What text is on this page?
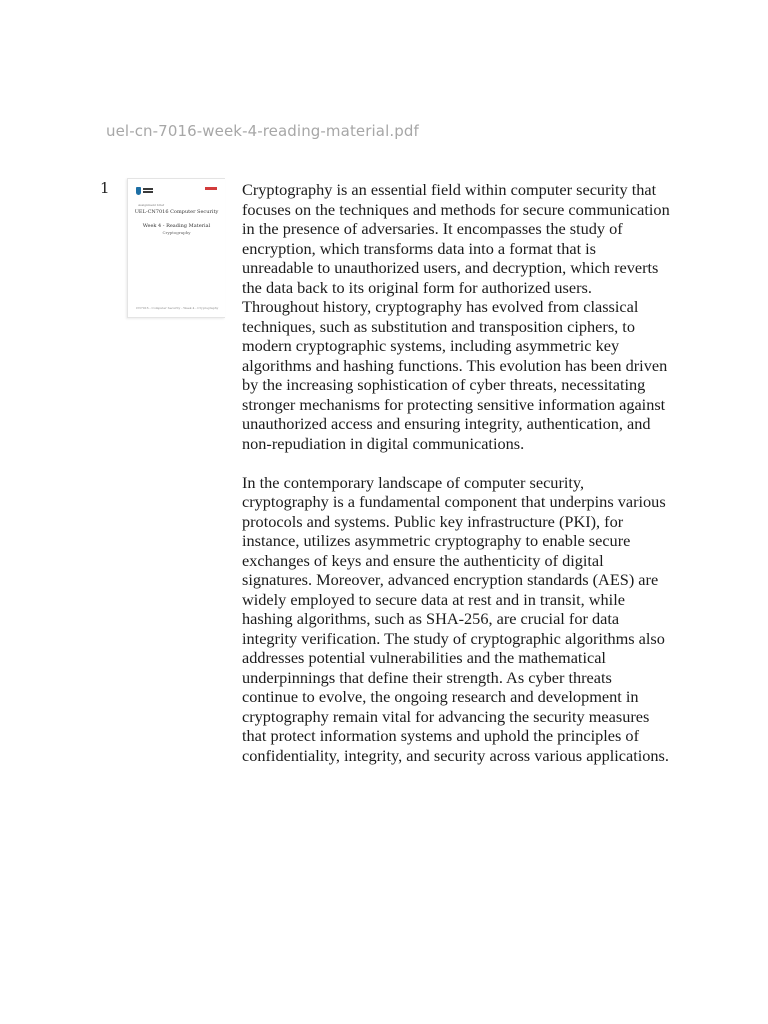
uel-cn-7016-week-4-reading-material.pdf
1
Assignment brief
UEL-CN7016 Computer Security
Week 4 - Reading Material
Cryptography
CN7016 - Computer Security - Week 4 - Cryptography

Cryptography is an essential field within computer security that focuses on the techniques and methods for secure communication in the presence of adversaries. It encompasses the study of encryption, which transforms data into a format that is unreadable to unauthorized users, and decryption, which reverts the data back to its original form for authorized users. Throughout history, cryptography has evolved from classical techniques, such as substitution and transposition ciphers, to modern cryptographic systems, including asymmetric key algorithms and hashing functions. This evolution has been driven by the increasing sophistication of cyber threats, necessitating stronger mechanisms for protecting sensitive information against unauthorized access and ensuring integrity, authentication, and non-repudiation in digital communications.

In the contemporary landscape of computer security, cryptography is a fundamental component that underpins various protocols and systems. Public key infrastructure (PKI), for instance, utilizes asymmetric cryptography to enable secure exchanges of keys and ensure the authenticity of digital signatures. Moreover, advanced encryption standards (AES) are widely employed to secure data at rest and in transit, while hashing algorithms, such as SHA-256, are crucial for data integrity verification. The study of cryptographic algorithms also addresses potential vulnerabilities and the mathematical underpinnings that define their strength. As cyber threats continue to evolve, the ongoing research and development in cryptography remain vital for advancing the security measures that protect information systems and uphold the principles of confidentiality, integrity, and security across various applications.
